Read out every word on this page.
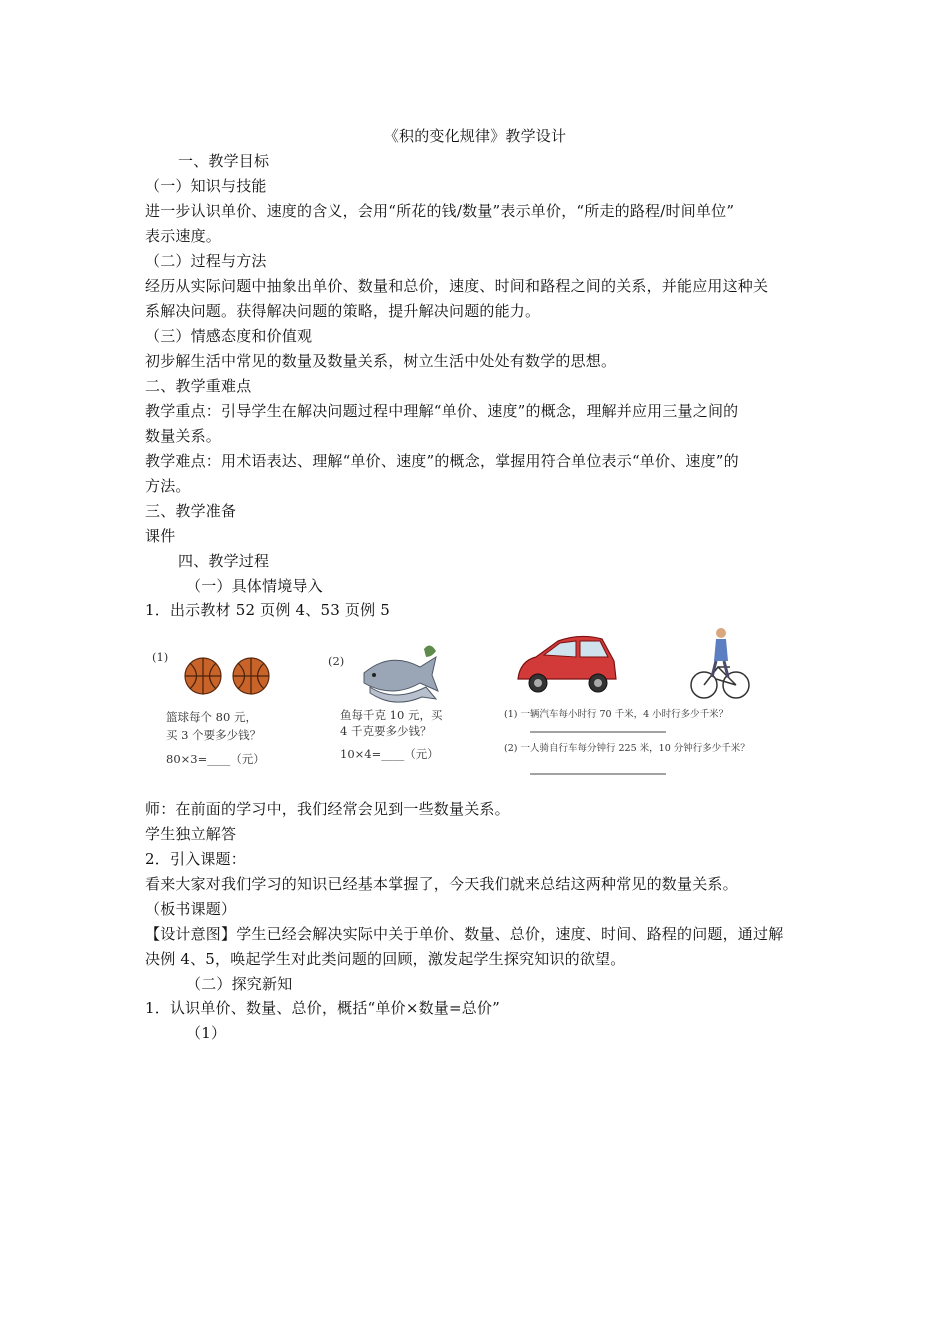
《积的变化规律》教学设计
一、教学目标
（一）知识与技能
进一步认识单价、速度的含义，会用“所花的钱/数量”表示单价，“所走的路程/时间单位”
表示速度。
（二）过程与方法
经历从实际问题中抽象出单价、数量和总价，速度、时间和路程之间的关系，并能应用这种关
系解决问题。获得解决问题的策略，提升解决问题的能力。
（三）情感态度和价值观
初步解生活中常见的数量及数量关系，树立生活中处处有数学的思想。
二、教学重难点
教学重点：引导学生在解决问题过程中理解“单价、速度”的概念，理解并应用三量之间的
数量关系。
教学难点：用术语表达、理解“单价、速度”的概念，掌握用符合单位表示“单价、速度”的
方法。
三、教学准备
课件
四、教学过程
（一）具体情境导入
1．出示教材 52 页例 4、53 页例 5
(1)
篮球每个 80 元，
买 3 个要多少钱？
80×3=____（元）
(2)
鱼每千克 10 元，买
4 千克要多少钱？
10×4=____（元）
(1) 一辆汽车每小时行 70 千米，4 小时行多少千米？
(2) 一人骑自行车每分钟行 225 米，10 分钟行多少千米？
师：在前面的学习中，我们经常会见到一些数量关系。
学生独立解答
2．引入课题：
看来大家对我们学习的知识已经基本掌握了，今天我们就来总结这两种常见的数量关系。
（板书课题）
【设计意图】学生已经会解决实际中关于单价、数量、总价，速度、时间、路程的问题，通过解
决例 4、5，唤起学生对此类问题的回顾，激发起学生探究知识的欲望。
（二）探究新知
1．认识单价、数量、总价，概括“单价×数量=总价”
（1）
